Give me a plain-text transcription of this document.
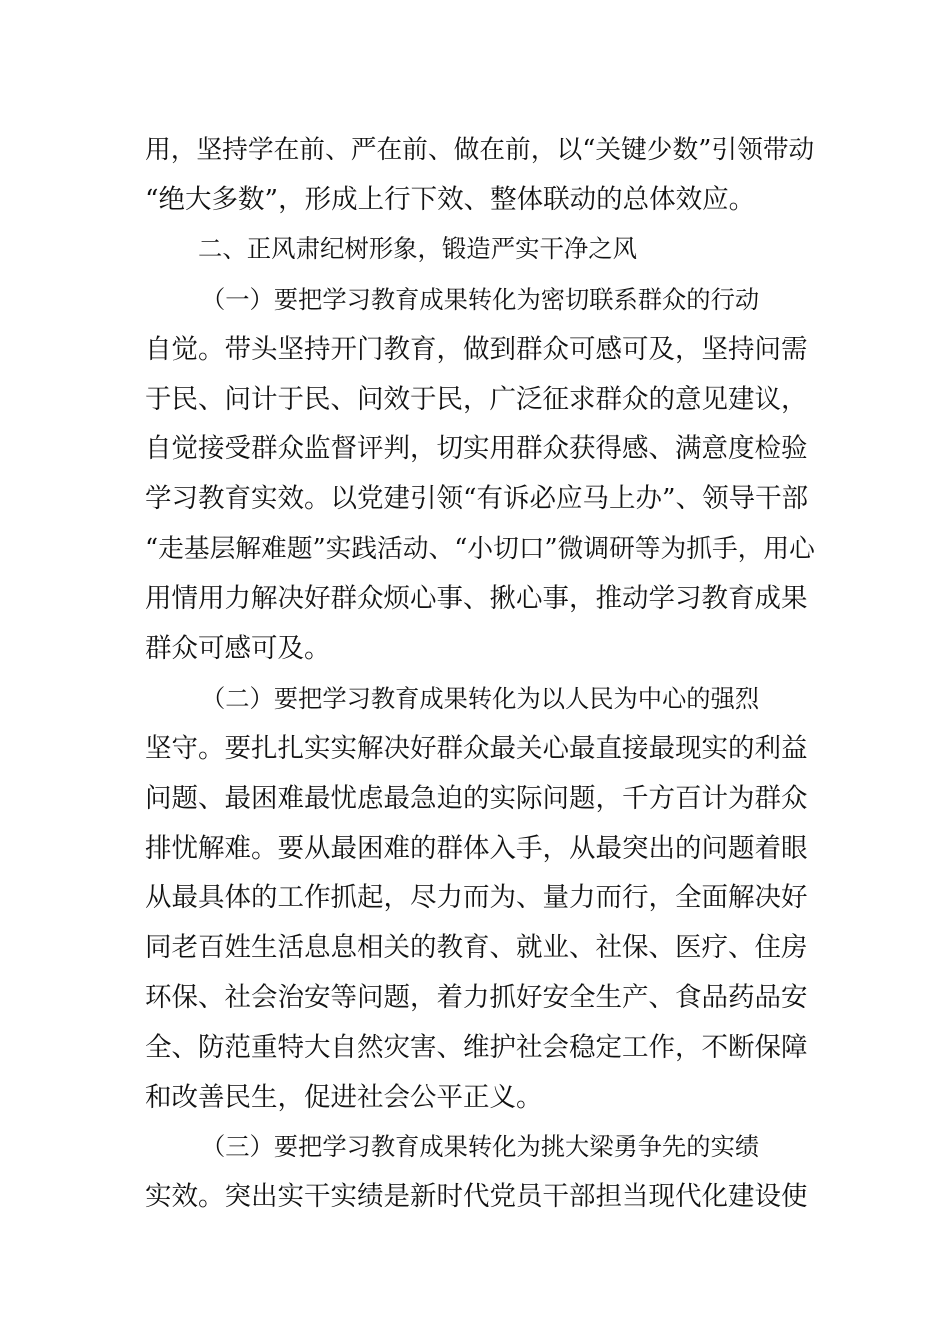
用，坚持学在前、严在前、做在前，以“关键少数”引领带动
“绝大多数”，形成上行下效、整体联动的总体效应。
二、正风肃纪树形象，锻造严实干净之风
（一）要把学习教育成果转化为密切联系群众的行动
自觉。带头坚持开门教育，做到群众可感可及，坚持问需
于民、问计于民、问效于民，广泛征求群众的意见建议，
自觉接受群众监督评判，切实用群众获得感、满意度检验
学习教育实效。以党建引领“有诉必应马上办”、领导干部
“走基层解难题”实践活动、“小切口”微调研等为抓手，用心
用情用力解决好群众烦心事、揪心事，推动学习教育成果
群众可感可及。
（二）要把学习教育成果转化为以人民为中心的强烈
坚守。要扎扎实实解决好群众最关心最直接最现实的利益
问题、最困难最忧虑最急迫的实际问题，千方百计为群众
排忧解难。要从最困难的群体入手，从最突出的问题着眼
从最具体的工作抓起，尽力而为、量力而行，全面解决好
同老百姓生活息息相关的教育、就业、社保、医疗、住房
环保、社会治安等问题，着力抓好安全生产、食品药品安
全、防范重特大自然灾害、维护社会稳定工作，不断保障
和改善民生，促进社会公平正义。
（三）要把学习教育成果转化为挑大梁勇争先的实绩
实效。突出实干实绩是新时代党员干部担当现代化建设使
